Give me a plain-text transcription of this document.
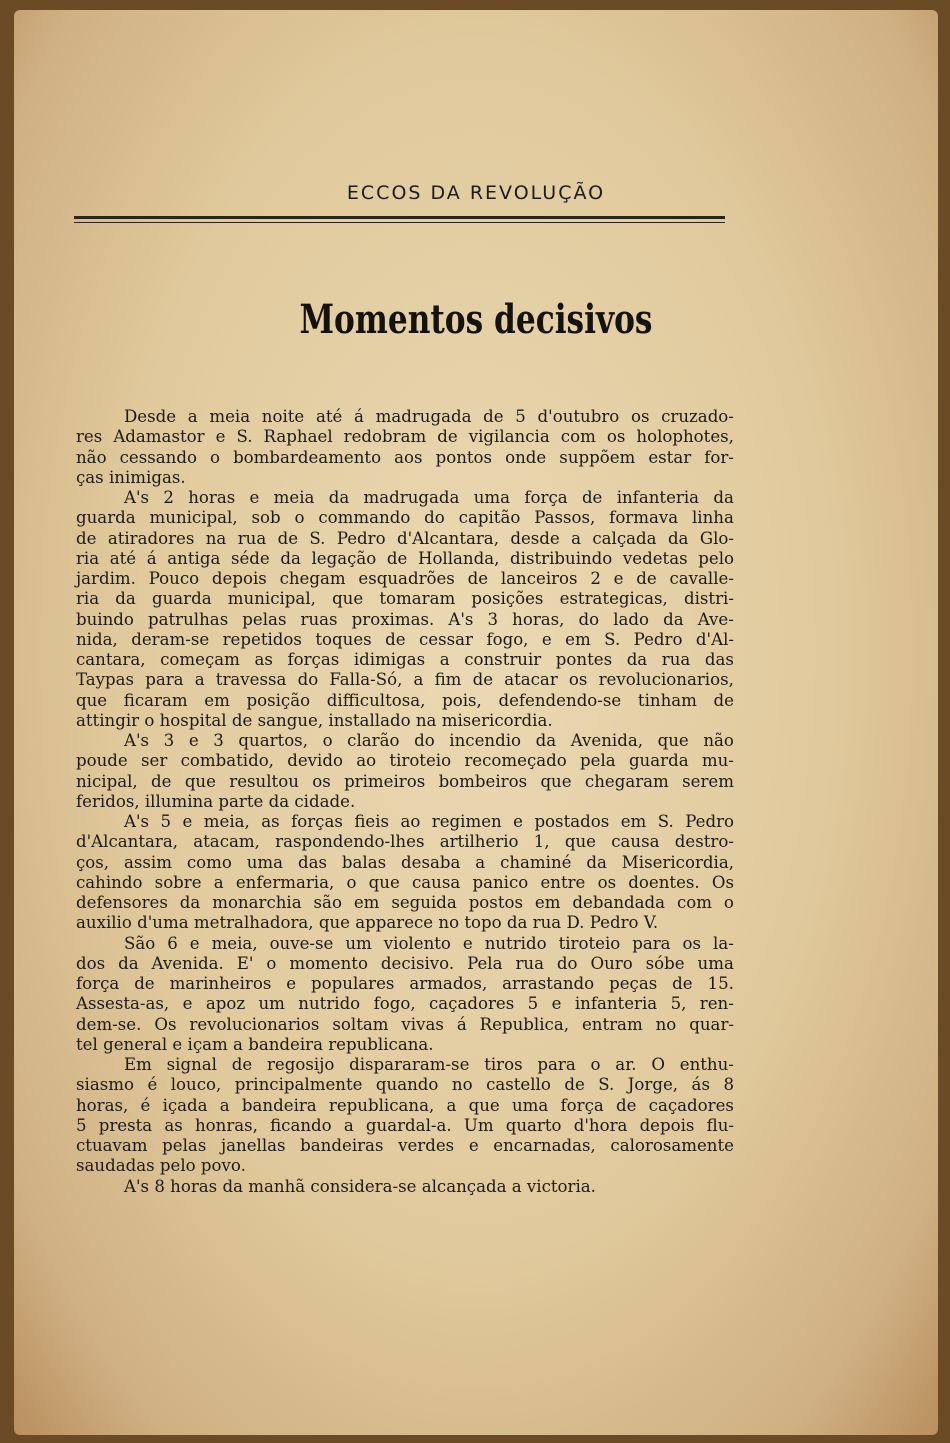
ECCOS DA REVOLUÇÃO
Momentos decisivos
Desde a meia noite até á madrugada de 5 d'outubro os cruzado-
res Adamastor e S. Raphael redobram de vigilancia com os holophotes,
não cessando o bombardeamento aos pontos onde suppõem estar for-
ças inimigas.
A's 2 horas e meia da madrugada uma força de infanteria da
guarda municipal, sob o commando do capitão Passos, formava linha
de atiradores na rua de S. Pedro d'Alcantara, desde a calçada da Glo-
ria até á antiga séde da legação de Hollanda, distribuindo vedetas pelo
jardim. Pouco depois chegam esquadrões de lanceiros 2 e de cavalle-
ria da guarda municipal, que tomaram posições estrategicas, distri-
buindo patrulhas pelas ruas proximas. A's 3 horas, do lado da Ave-
nida, deram-se repetidos toques de cessar fogo, e em S. Pedro d'Al-
cantara, começam as forças idimigas a construir pontes da rua das
Taypas para a travessa do Falla-Só, a fim de atacar os revolucionarios,
que ficaram em posição difficultosa, pois, defendendo-se tinham de
attingir o hospital de sangue, installado na misericordia.
A's 3 e 3 quartos, o clarão do incendio da Avenida, que não
poude ser combatido, devido ao tiroteio recomeçado pela guarda mu-
nicipal, de que resultou os primeiros bombeiros que chegaram serem
feridos, illumina parte da cidade.
A's 5 e meia, as forças fieis ao regimen e postados em S. Pedro
d'Alcantara, atacam, raspondendo-lhes artilherio 1, que causa destro-
ços, assim como uma das balas desaba a chaminé da Misericordia,
cahindo sobre a enfermaria, o que causa panico entre os doentes. Os
defensores da monarchia são em seguida postos em debandada com o
auxilio d'uma metralhadora, que apparece no topo da rua D. Pedro V.
São 6 e meia, ouve-se um violento e nutrido tiroteio para os la-
dos da Avenida. E' o momento decisivo. Pela rua do Ouro sóbe uma
força de marinheiros e populares armados, arrastando peças de 15.
Assesta-as, e apoz um nutrido fogo, caçadores 5 e infanteria 5, ren-
dem-se. Os revolucionarios soltam vivas á Republica, entram no quar-
tel general e içam a bandeira republicana.
Em signal de regosijo dispararam-se tiros para o ar. O enthu-
siasmo é louco, principalmente quando no castello de S. Jorge, ás 8
horas, é içada a bandeira republicana, a que uma força de caçadores
5 presta as honras, ficando a guardal-a. Um quarto d'hora depois flu-
ctuavam pelas janellas bandeiras verdes e encarnadas, calorosamente
saudadas pelo povo.
A's 8 horas da manhã considera-se alcançada a victoria.
